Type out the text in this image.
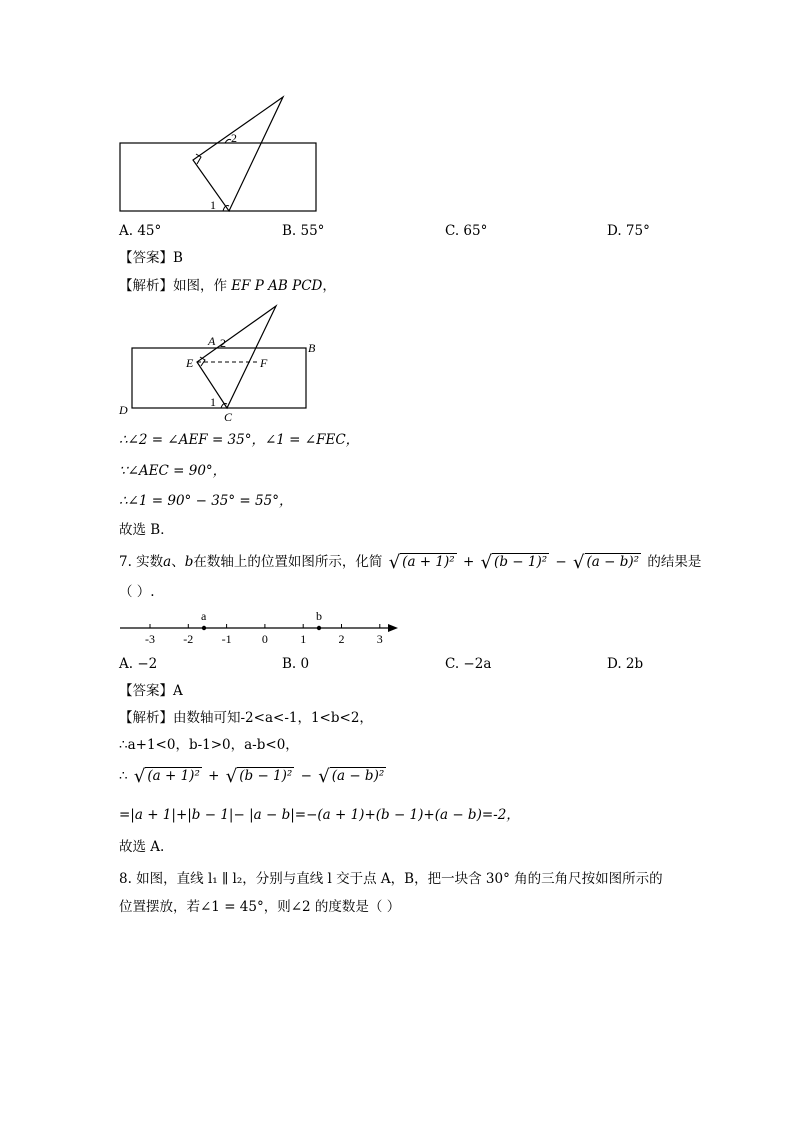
1
2
A. 45°	B. 55°	C. 65°	D. 75°
【答案】B
【解析】如图，作 EF P AB PCD，
A 2	B
E	F
1
C
D
∴∠2 = ∠AEF = 35°，∠1 = ∠FEC，
∵∠AEC = 90°，
∴∠1 = 90° − 35° = 55°，
故选 B．
7. 实数a、b在数轴上的位置如图所示，化简 √ (a + 1)² + √ (b − 1)² − √ (a − b)² 的结果是
（ ）.
-3 -2 -1	0	1	2	3
a	b
A. −2	B. 0	C. −2a	D. 2b
【答案】A
【解析】由数轴可知-2<a<-1，1<b<2，
∴a+1<0，b-1>0，a-b<0，
∴ √ (a + 1)² + √ (b − 1)² − √ (a − b)²
=|a + 1|+|b − 1|− |a − b|=−(a + 1)+(b − 1)+(a − b)=-2，
故选 A.
8. 如图，直线 l₁ ∥ l₂，分别与直线 l 交于点 A，B，把一块含 30° 角的三角尺按如图所示的
位置摆放，若∠1 = 45°，则∠2 的度数是（ ）
